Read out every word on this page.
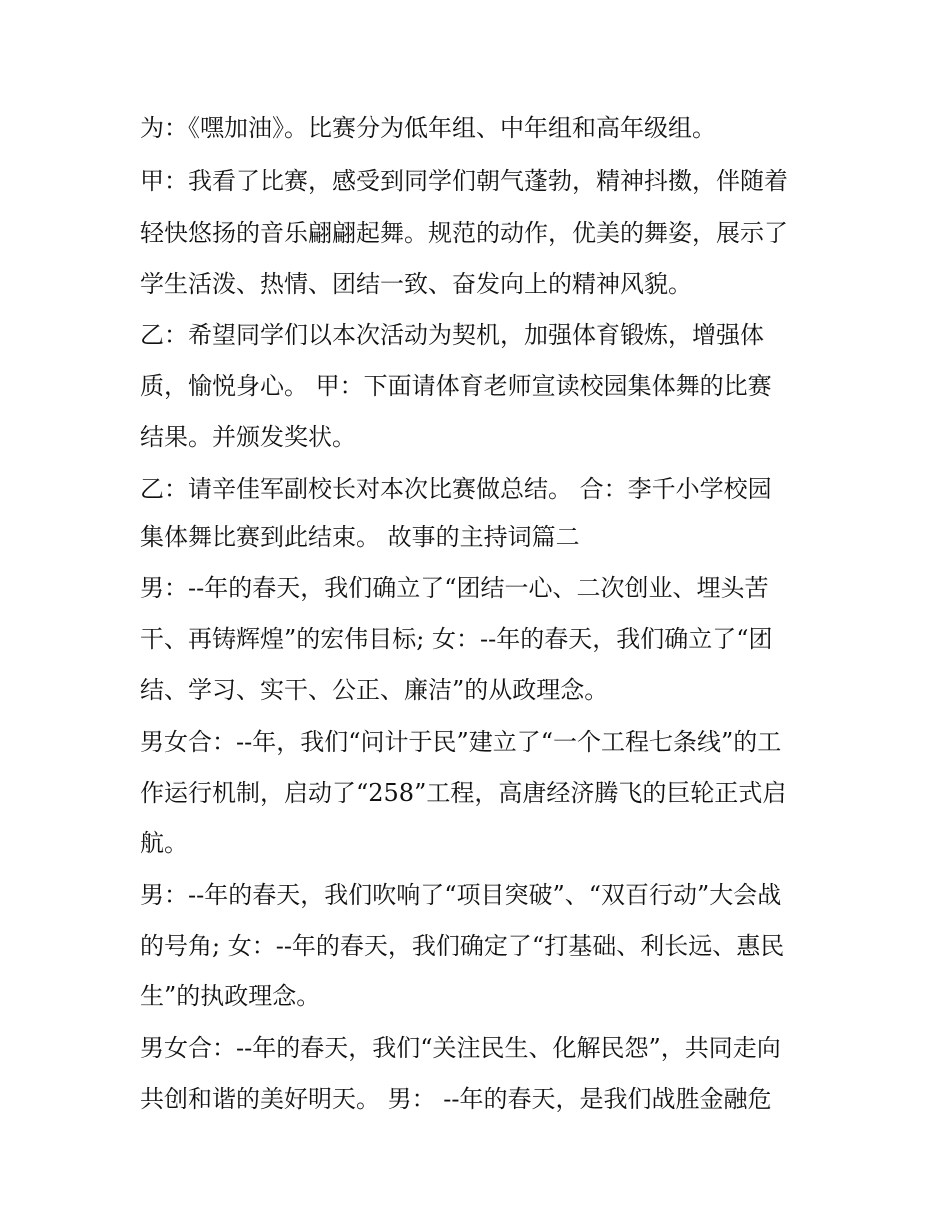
为：《嘿加油》。比赛分为低年组、中年组和高年级组。

甲：我看了比赛，感受到同学们朝气蓬勃，精神抖擞，伴随着

轻快悠扬的音乐翩翩起舞。规范的动作，优美的舞姿，展示了

学生活泼、热情、团结一致、奋发向上的精神风貌。

乙：希望同学们以本次活动为契机，加强体育锻炼，增强体

质，愉悦身心。 甲：下面请体育老师宣读校园集体舞的比赛

结果。并颁发奖状。

乙：请辛佳军副校长对本次比赛做总结。 合：李千小学校园

集体舞比赛到此结束。 故事的主持词篇二

男：--年的春天，我们确立了“团结一心、二次创业、埋头苦

干、再铸辉煌”的宏伟目标; 女：--年的春天，我们确立了“团

结、学习、实干、公正、廉洁”的从政理念。

男女合：--年，我们“问计于民”建立了“一个工程七条线”的工

作运行机制，启动了“258”工程，高唐经济腾飞的巨轮正式启

航。

男：--年的春天，我们吹响了“项目突破”、“双百行动”大会战

的号角; 女：--年的春天，我们确定了“打基础、利长远、惠民

生”的执政理念。

男女合：--年的春天，我们“关注民生、化解民怨”，共同走向

共创和谐的美好明天。 男： --年的春天，是我们战胜金融危
